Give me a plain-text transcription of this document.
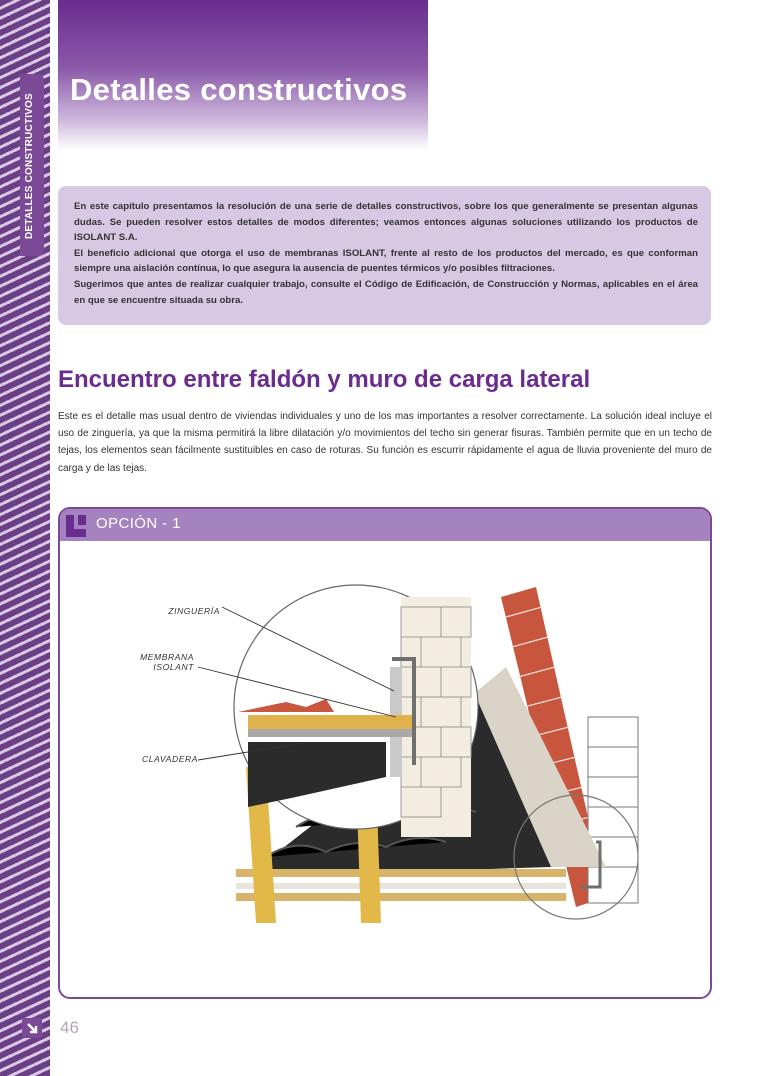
DETALLES CONSTRUCTIVOS
Detalles constructivos

En este capítulo presentamos la resolución de una serie de detalles constructivos, sobre los que generalmente se presentan algunas dudas. Se pueden resolver estos detalles de modos diferentes; veamos entonces algunas soluciones utilizando los productos de ISOLANT S.A.

El beneficio adicional que otorga el uso de membranas ISOLANT, frente al resto de los productos del mercado, es que conforman siempre una aislación contínua, lo que asegura la ausencia de puentes térmicos y/o posibles filtraciones.

Sugerimos que antes de realizar cualquier trabajo, consulte el Código de Edificación, de Construcción y Normas, aplicables en el área en que se encuentre situada su obra.

Encuentro entre faldón y muro de carga lateral

Este es el detalle mas usual dentro de viviendas individuales y uno de los mas importantes a resolver correctamente. La solución ideal incluye el uso de zinguería, ya que la misma permitirá la libre dilatación y/o movimientos del techo sin generar fisuras. También permite que en un techo de tejas, los elementos sean fácilmente sustituibles en caso de roturas. Su función es escurrir rápidamente el agua de lluvia proveniente del muro de carga y de las tejas.

OPCIÓN - 1
ZINGUERÍA
MEMBRANA
ISOLANT
CLAVADERA
46
